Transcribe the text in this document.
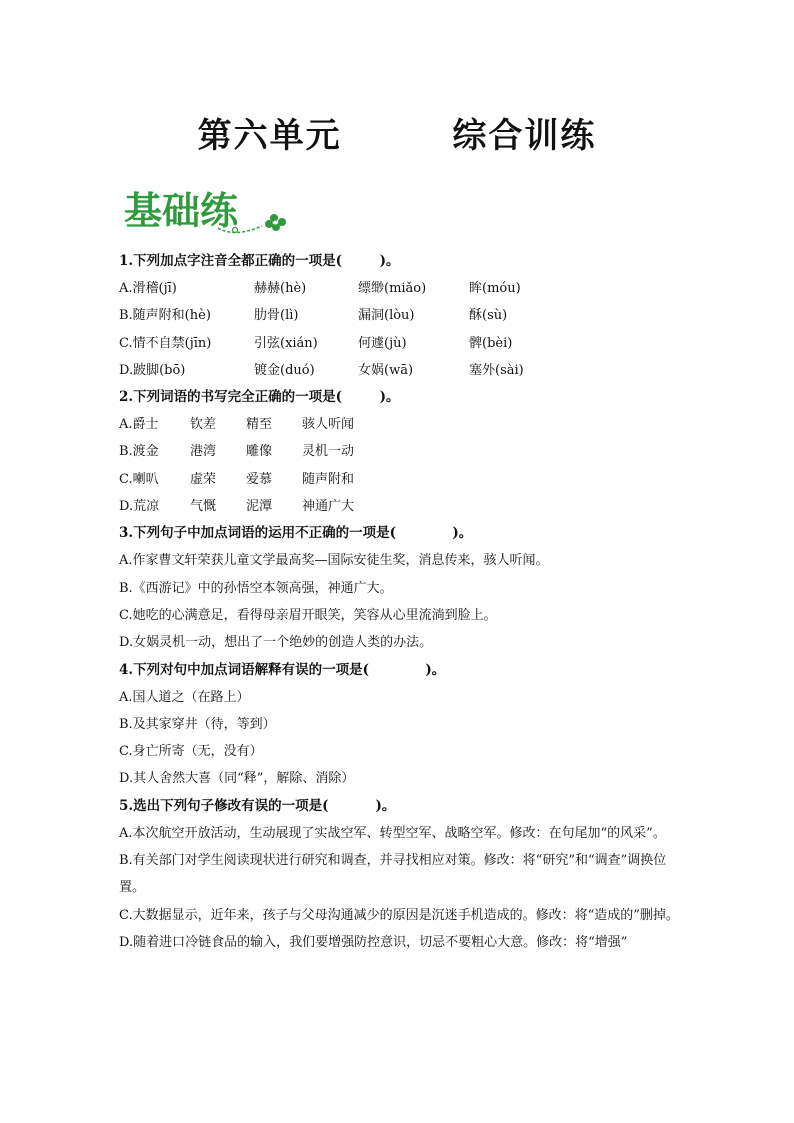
第六单元        综合训练
基础练
1.下列加点字注音全都正确的一项是(        )。
A.滑稽(jī)	赫赫(hè)	缥缈(miǎo)	眸(móu)
B.随声附和(hè)	肋骨(lì)	漏洞(lòu)	酥(sù)
C.情不自禁(jīn)	引弦(xián)	何遽(jù)	髀(bèi)
D.跛脚(bō)	镀金(duó)	女娲(wā)	塞外(sài)
2.下列词语的书写完全正确的一项是(        )。
A.爵士	钦差	精至	骇人听闻
B.渡金	港湾	雕像	灵机一动
C.喇叭	虚荣	爱慕	随声附和
D.荒凉	气慨	泥潭	神通广大
3.下列句子中加点词语的运用不正确的一项是(            )。
A.作家曹文轩荣获儿童文学最高奖—国际安徒生奖，消息传来，骇人听闻。
B.《西游记》中的孙悟空本领高强，神通广大。
C.她吃的心满意足，看得母亲眉开眼笑，笑容从心里流淌到脸上。
D.女娲灵机一动，想出了一个绝妙的创造人类的办法。
4.下列对句中加点词语解释有误的一项是(            )。
A.国人道之（在路上）
B.及其家穿井（待，等到）
C.身亡所寄（无，没有）
D.其人舍然大喜（同“释”，解除、消除）
5.选出下列句子修改有误的一项是(          )。
A.本次航空开放活动，生动展现了实战空军、转型空军、战略空军。修改：在句尾加“的风采”。
B.有关部门对学生阅读现状进行研究和调查，并寻找相应对策。修改：将“研究”和“调查”调换位置。
C.大数据显示，近年来，孩子与父母沟通减少的原因是沉迷手机造成的。修改：将“造成的”删掉。
D.随着进口冷链食品的输入，我们要增强防控意识，切忌不要粗心大意。修改：将“增强”
